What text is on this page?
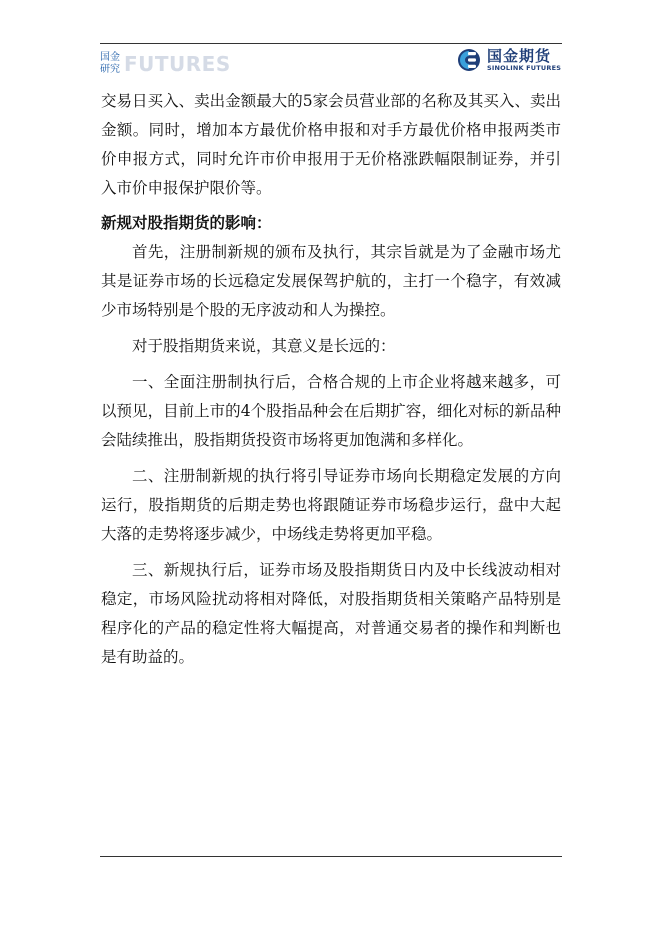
国金
研究 FUTURES	国金期货
SINOLINK FUTURES

交易日买入、卖出金额最大的5家会员营业部的名称及其买入、卖出金额。同时，增加本方最优价格申报和对手方最优价格申报两类市价申报方式，同时允许市价申报用于无价格涨跌幅限制证券，并引入市价申报保护限价等。

新规对股指期货的影响：

首先，注册制新规的颁布及执行，其宗旨就是为了金融市场尤其是证券市场的长远稳定发展保驾护航的，主打一个稳字，有效减少市场特别是个股的无序波动和人为操控。

对于股指期货来说，其意义是长远的：

一、全面注册制执行后，合格合规的上市企业将越来越多，可以预见，目前上市的4个股指品种会在后期扩容，细化对标的新品种会陆续推出，股指期货投资市场将更加饱满和多样化。

二、注册制新规的执行将引导证券市场向长期稳定发展的方向运行，股指期货的后期走势也将跟随证券市场稳步运行，盘中大起大落的走势将逐步减少，中场线走势将更加平稳。

三、新规执行后，证券市场及股指期货日内及中长线波动相对稳定，市场风险扰动将相对降低，对股指期货相关策略产品特别是程序化的产品的稳定性将大幅提高，对普通交易者的操作和判断也是有助益的。
